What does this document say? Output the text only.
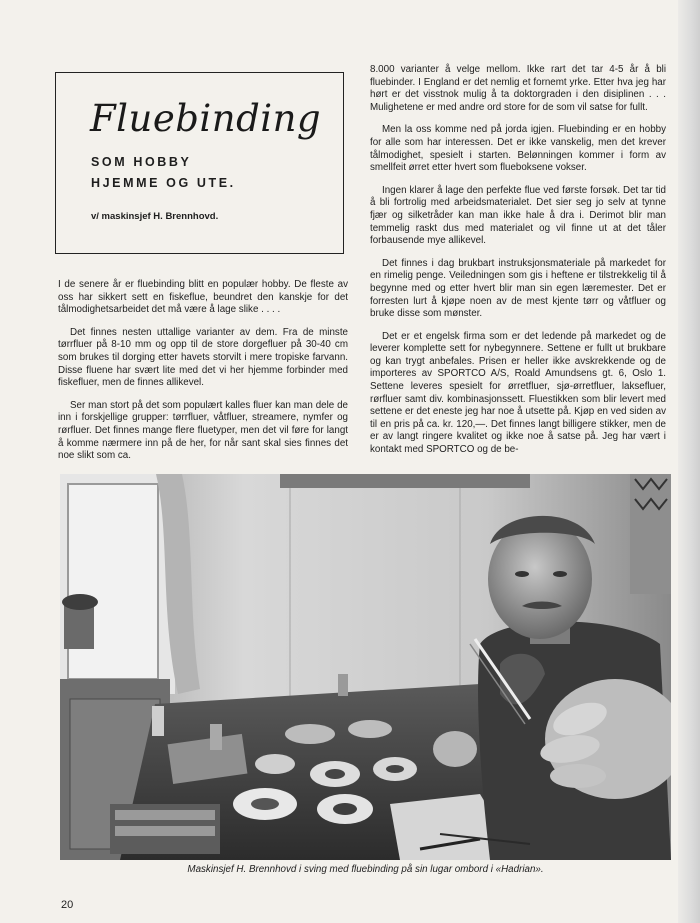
Fluebinding

SOM HOBBY
HJEMME OG UTE.

v/ maskinsjef H. Brennhovd.

I de senere år er fluebinding blitt en populær hobby. De fleste av oss har sikkert sett en fiskeflue, beundret den kanskje for det tålmodighetsarbeidet det må være å lage slike . . . .

Det finnes nesten uttallige varianter av dem. Fra de minste tørrfluer på 8-10 mm og opp til de store dorgefluer på 30-40 cm som brukes til dorging etter havets storvilt i mere tropiske farvann. Disse fluene har svært lite med det vi her hjemme forbinder med fiskefluer, men de finnes allikevel.

Ser man stort på det som populært kalles fluer kan man dele de inn i forskjellige grupper: tørrfluer, våtfluer, streamere, nymfer og rørfluer. Det finnes mange flere fluetyper, men det vil føre for langt å komme nærmere inn på de her, for når sant skal sies finnes det noe slikt som ca.

8.000 varianter å velge mellom. Ikke rart det tar 4-5 år å bli fluebinder. I England er det nemlig et fornemt yrke. Etter hva jeg har hørt er det visstnok mulig å ta doktorgraden i den disiplinen . . . Mulighetene er med andre ord store for de som vil satse for fullt.

Men la oss komme ned på jorda igjen. Fluebinding er en hobby for alle som har interessen. Det er ikke vanskelig, men det krever tålmodighet, spesielt i starten. Belønningen kommer i form av smellfeit ørret etter hvert som flueboksene vokser.

Ingen klarer å lage den perfekte flue ved første forsøk. Det tar tid å bli fortrolig med arbeidsmaterialet. Det sier seg jo selv at tynne fjær og silketråder kan man ikke hale å dra i. Derimot blir man temmelig raskt dus med materialet og vil finne ut at det tåler forbausende mye allikevel.

Det finnes i dag brukbart instruksjonsmateriale på markedet for en rimelig penge. Veiledningen som gis i heftene er tilstrekkelig til å begynne med og etter hvert blir man sin egen læremester. Det er forresten lurt å kjøpe noen av de mest kjente tørr og våtfluer og bruke disse som mønster.

Det er et engelsk firma som er det ledende på markedet og de leverer komplette sett for nybegynnere. Settene er fullt ut brukbare og kan trygt anbefales. Prisen er heller ikke avskrekkende og de importeres av SPORTCO A/S, Roald Amundsens gt. 6, Oslo 1. Settene leveres spesielt for ørretfluer, sjø-ørretfluer, laksefluer, rørfluer samt div. kombinasjonssett. Fluestikken som blir levert med settene er det eneste jeg har noe å utsette på. Kjøp en ved siden av til en pris på ca. kr. 120,—. Det finnes langt billigere stikker, men de er av langt ringere kvalitet og ikke noe å satse på. Jeg har vært i kontakt med SPORTCO og de be-

Maskinsjef H. Brennhovd i sving med fluebinding på sin lugar ombord i «Hadrian».

20
